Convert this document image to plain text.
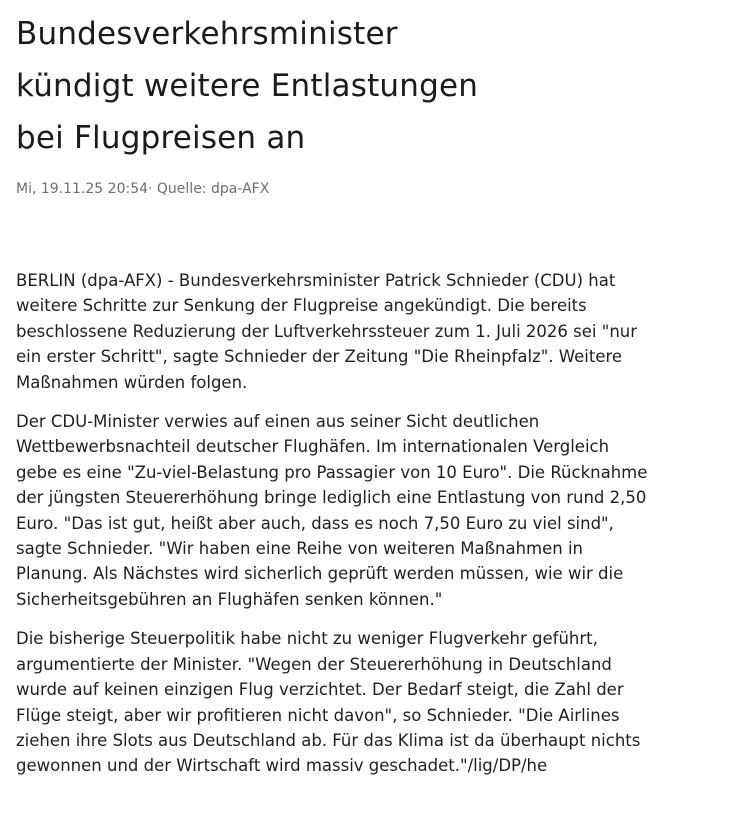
Bundesverkehrsminister
kündigt weitere Entlastungen
bei Flugpreisen an
Mi, 19.11.25 20:54· Quelle: dpa-AFX

BERLIN (dpa-AFX) - Bundesverkehrsminister Patrick Schnieder (CDU) hat
weitere Schritte zur Senkung der Flugpreise angekündigt. Die bereits
beschlossene Reduzierung der Luftverkehrssteuer zum 1. Juli 2026 sei "nur
ein erster Schritt", sagte Schnieder der Zeitung "Die Rheinpfalz". Weitere
Maßnahmen würden folgen.

Der CDU-Minister verwies auf einen aus seiner Sicht deutlichen
Wettbewerbsnachteil deutscher Flughäfen. Im internationalen Vergleich
gebe es eine "Zu-viel-Belastung pro Passagier von 10 Euro". Die Rücknahme
der jüngsten Steuererhöhung bringe lediglich eine Entlastung von rund 2,50
Euro. "Das ist gut, heißt aber auch, dass es noch 7,50 Euro zu viel sind",
sagte Schnieder. "Wir haben eine Reihe von weiteren Maßnahmen in
Planung. Als Nächstes wird sicherlich geprüft werden müssen, wie wir die
Sicherheitsgebühren an Flughäfen senken können."

Die bisherige Steuerpolitik habe nicht zu weniger Flugverkehr geführt,
argumentierte der Minister. "Wegen der Steuererhöhung in Deutschland
wurde auf keinen einzigen Flug verzichtet. Der Bedarf steigt, die Zahl der
Flüge steigt, aber wir profitieren nicht davon", so Schnieder. "Die Airlines
ziehen ihre Slots aus Deutschland ab. Für das Klima ist da überhaupt nichts
gewonnen und der Wirtschaft wird massiv geschadet."/lig/DP/he
